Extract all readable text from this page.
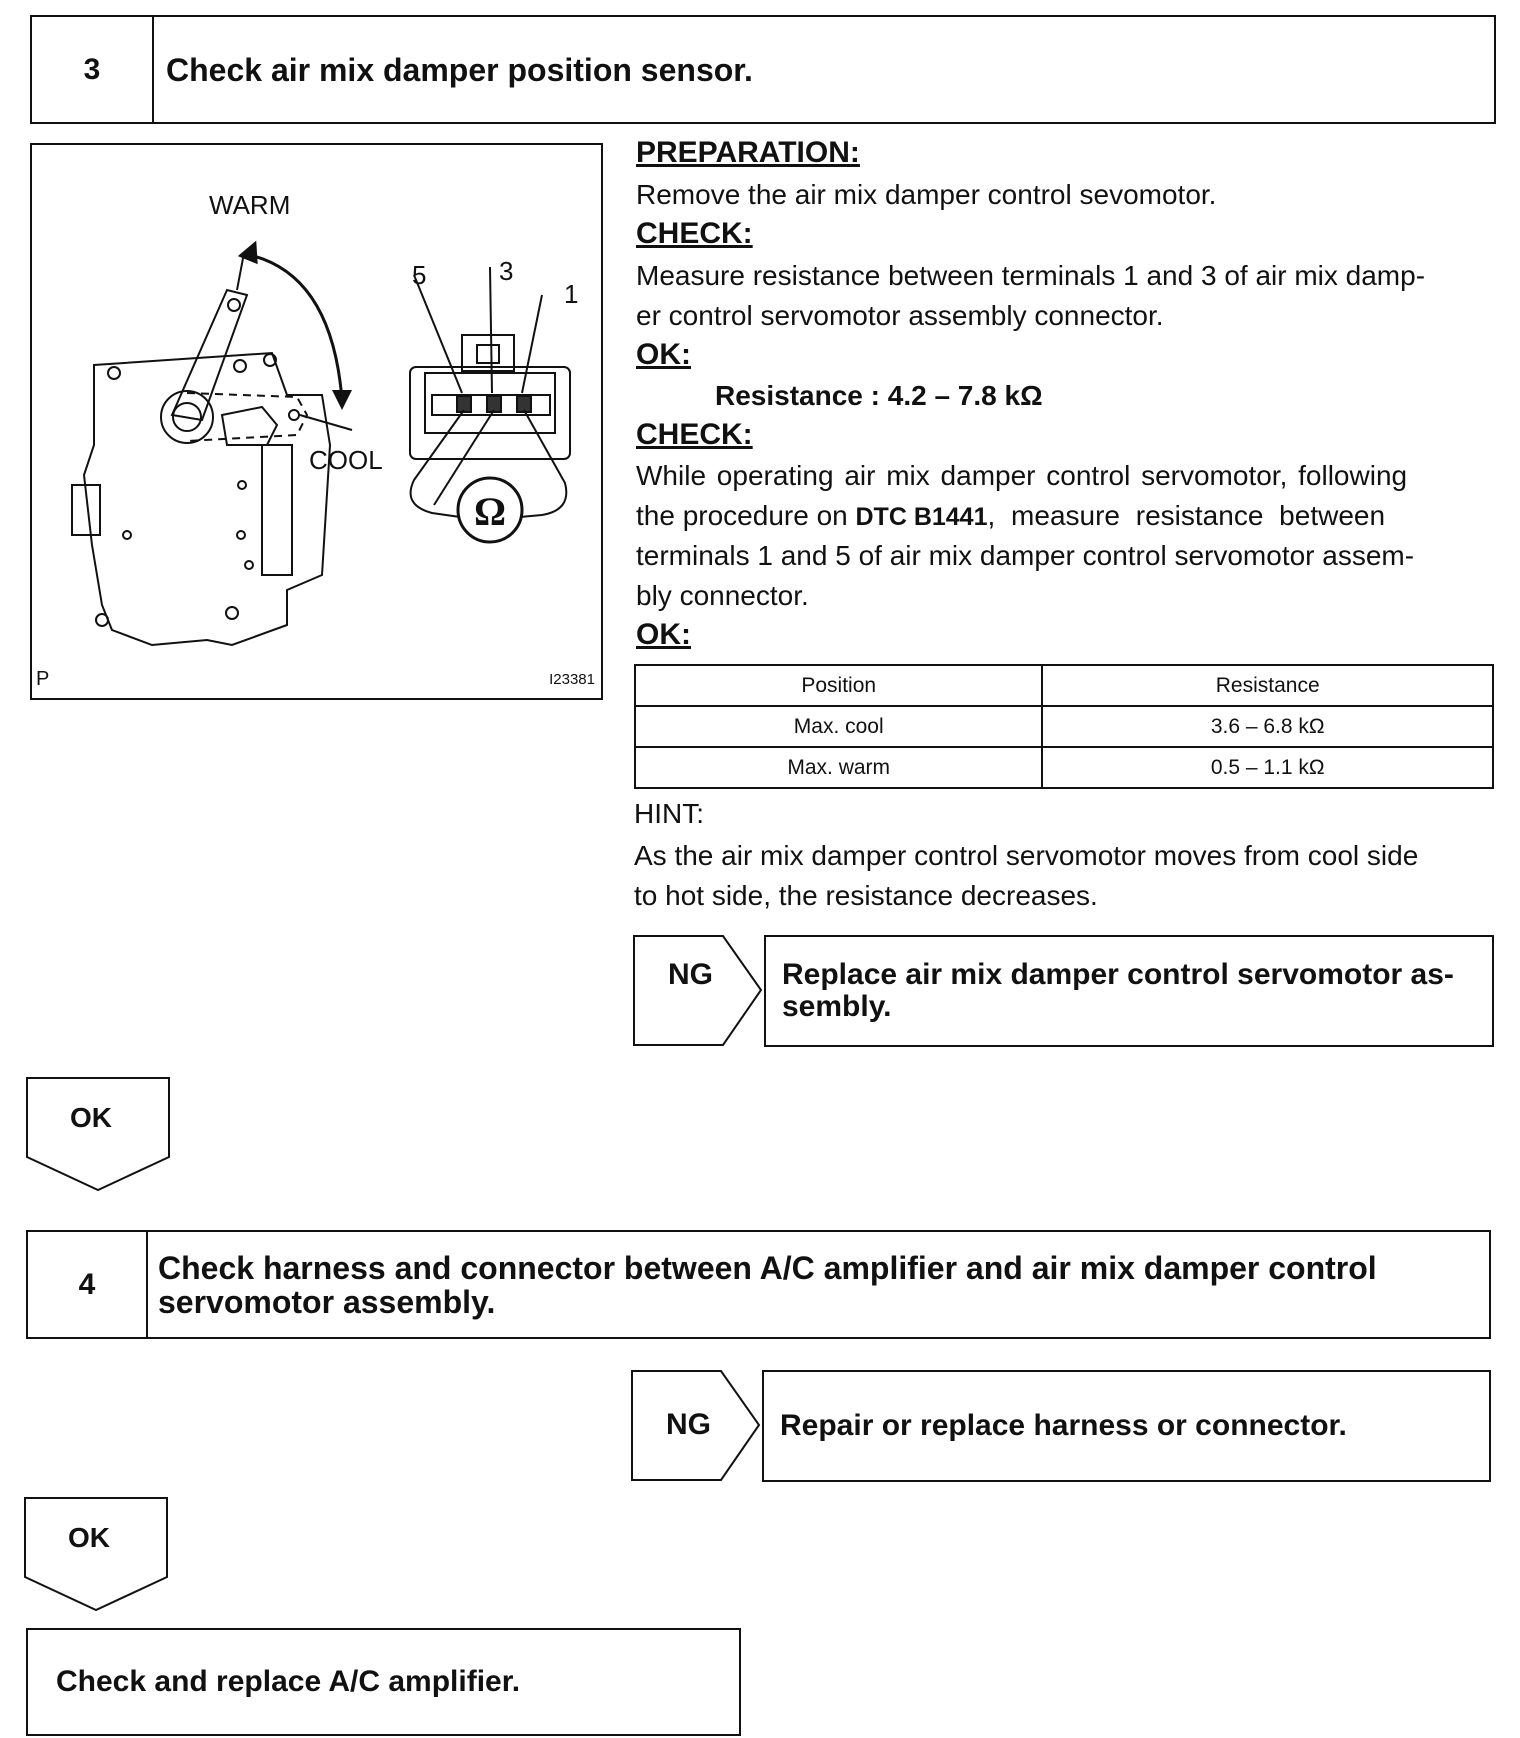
3	Check air mix damper position sensor.
Ω
WARM
COOL
5	3
1
P	I23381
PREPARATION:
Remove the air mix damper control sevomotor.
CHECK:
Measure resistance between terminals 1 and 3 of air mix damp-
er control servomotor assembly connector.
OK:
Resistance : 4.2 – 7.8 kΩ
CHECK:
While operating air mix damper control servomotor, following
the procedure on DTC B1441, measure resistance between
terminals 1 and 5 of air mix damper control servomotor assem-
bly connector.
OK:
Position	Resistance
Max. cool	3.6 – 6.8 kΩ
Max. warm	0.5 – 1.1 kΩ
HINT:
As the air mix damper control servomotor moves from cool side
to hot side, the resistance decreases.
NG Replace air mix damper control servomotor as-
sembly.
OK
4	Check harness and connector between A/C amplifier and air mix damper control
servomotor assembly.
NG Repair or replace harness or connector.
OK
Check and replace A/C amplifier.
